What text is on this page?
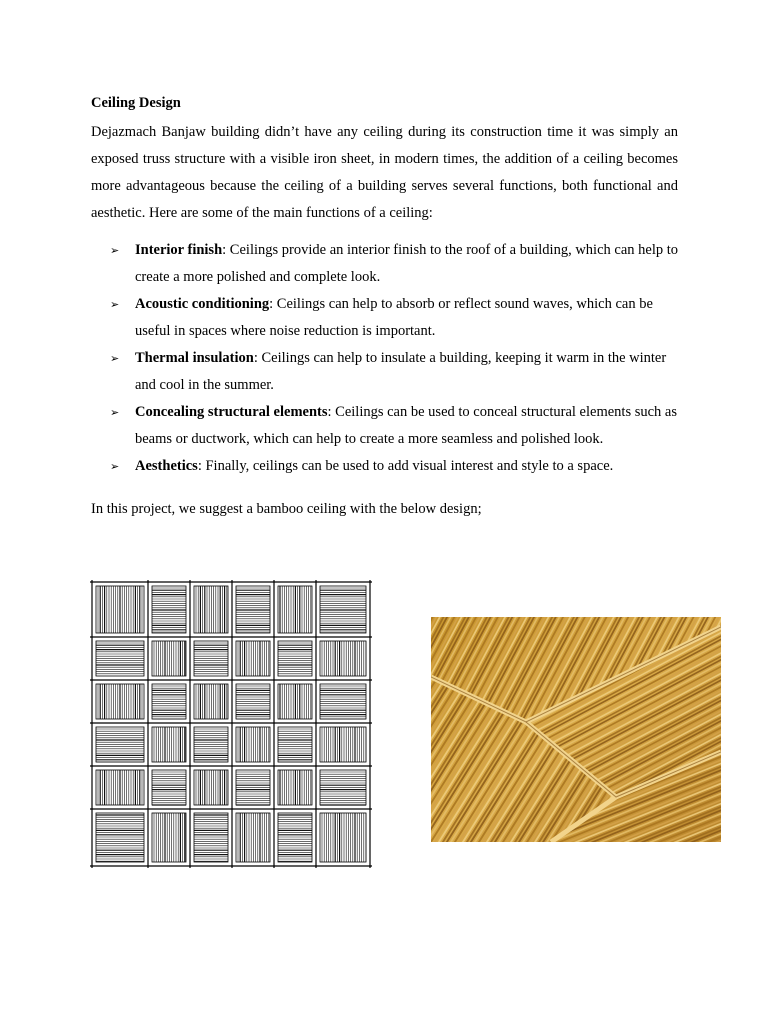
Ceiling Design

Dejazmach Banjaw building didn’t have any ceiling during its construction time it was simply an exposed truss structure with a visible iron sheet, in modern times, the addition of a ceiling becomes more advantageous because the ceiling of a building serves several functions, both functional and aesthetic. Here are some of the main functions of a ceiling:

➢ Interior finish: Ceilings provide an interior finish to the roof of a building, which can help to create a more polished and complete look.
➢ Acoustic conditioning: Ceilings can help to absorb or reflect sound waves, which can be useful in spaces where noise reduction is important.
➢ Thermal insulation: Ceilings can help to insulate a building, keeping it warm in the winter and cool in the summer.
➢ Concealing structural elements: Ceilings can be used to conceal structural elements such as beams or ductwork, which can help to create a more seamless and polished look.
➢ Aesthetics: Finally, ceilings can be used to add visual interest and style to a space.
In this project, we suggest a bamboo ceiling with the below design;
